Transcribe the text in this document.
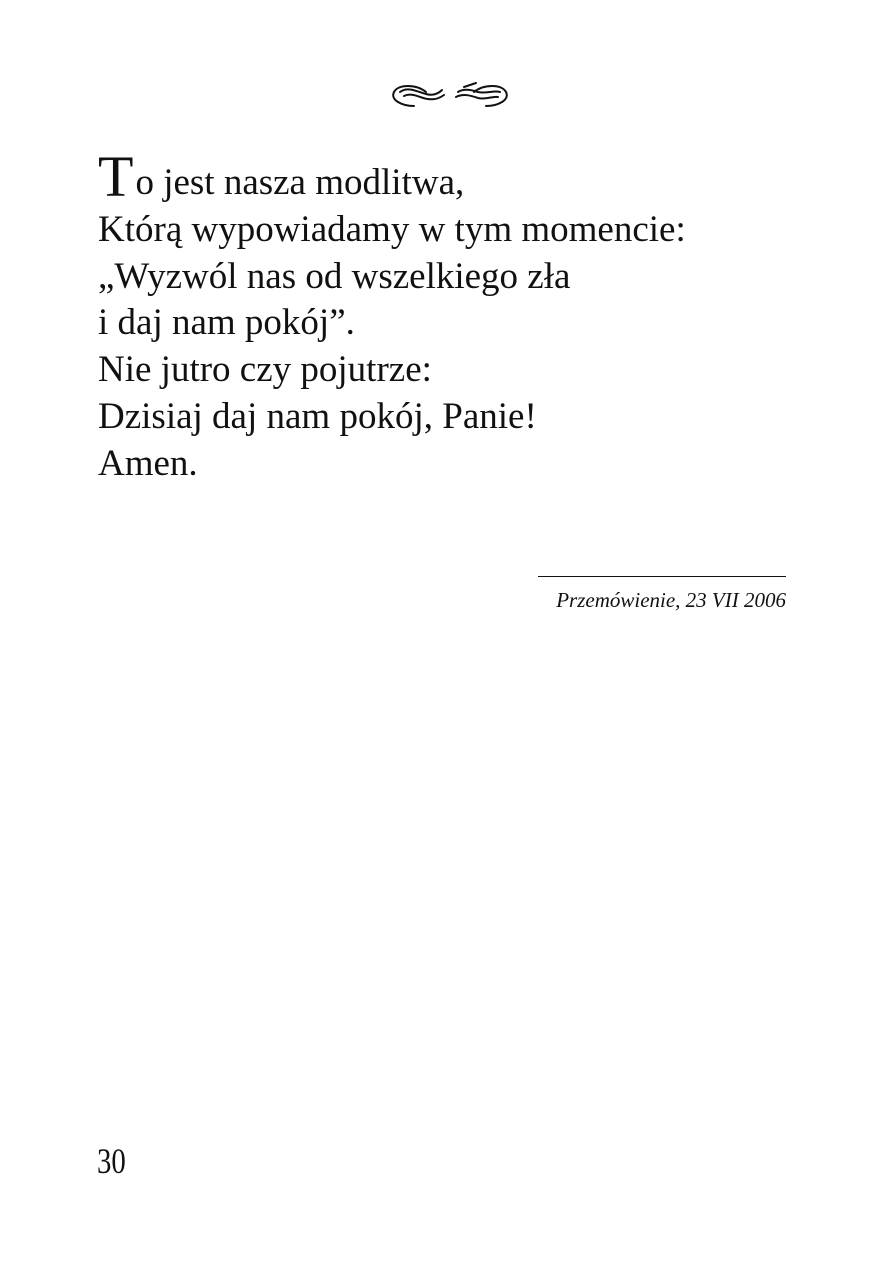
To jest nasza modlitwa,
Którą wypowiadamy w tym momencie:
„Wyzwól nas od wszelkiego zła
i daj nam pokój”.
Nie jutro czy pojutrze:
Dzisiaj daj nam pokój, Panie!
Amen.
Przemówienie, 23 VII 2006
30
